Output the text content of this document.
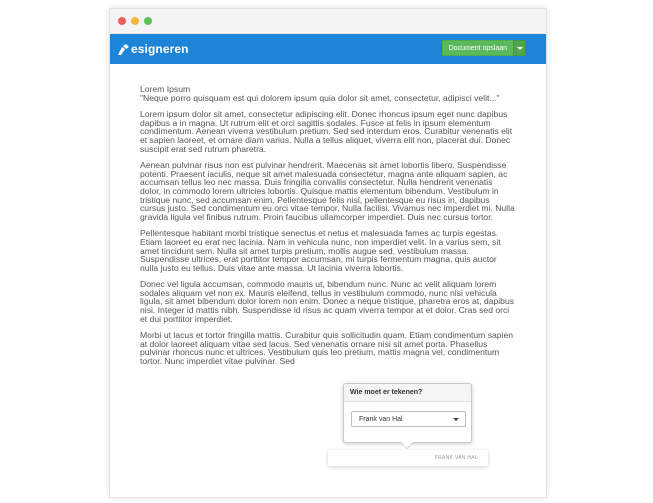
esigneren	Document opslaan

Lorem Ipsum

"Neque porro quisquam est qui dolorem ipsum quia dolor sit amet, consectetur, adipisci velit..."

Lorem ipsum dolor sit amet, consectetur adipiscing elit. Donec rhoncus ipsum eget nunc dapibus dapibus a in magna. Ut rutrum elit et orci sagittis sodales. Fusce at felis in ipsum elementum condimentum. Aenean viverra vestibulum pretium. Sed sed interdum eros. Curabitur venenatis elit et sapien laoreet, et ornare diam varius. Nulla a tellus aliquet, viverra elit non, placerat dui. Donec suscipit erat sed rutrum pharetra.

Aenean pulvinar risus non est pulvinar hendrerit. Maecenas sit amet lobortis libero. Suspendisse potenti. Praesent iaculis, neque sit amet malesuada consectetur, magna ante aliquam sapien, ac accumsan tellus leo nec massa. Duis fringilla convallis consectetur. Nulla hendrerit venenatis dolor, in commodo lorem ultricies lobortis. Quisque mattis elementum bibendum. Vestibulum in tristique nunc, sed accumsan enim. Pellentesque felis nisl, pellentesque eu risus in, dapibus cursus justo. Sed condimentum eu orci vitae tempor. Nulla facilisi. Vivamus nec imperdiet mi. Nulla gravida ligula vel finibus rutrum. Proin faucibus ullamcorper imperdiet. Duis nec cursus tortor.

Pellentesque habitant morbi tristique senectus et netus et malesuada fames ac turpis egestas. Etiam laoreet eu erat nec lacinia. Nam in vehicula nunc, non imperdiet velit. In a varius sem, sit amet tincidunt sem. Nulla sit amet turpis pretium, mollis augue sed, vestibulum massa. Suspendisse ultrices, erat porttitor tempor accumsan, mi turpis fermentum magna, quis auctor nulla justo eu tellus. Duis vitae ante massa. Ut lacinia viverra lobortis.

Donec vel ligula accumsan, commodo mauris ut, bibendum nunc. Nunc ac velit aliquam lorem sodales aliquam vel non ex. Mauris eleifend, tellus in vestibulum commodo, nunc nisi vehicula ligula, sit amet bibendum dolor lorem non enim. Donec a neque tristique, pharetra eros at, dapibus nisi. Integer id mattis nibh. Suspendisse id risus ac quam viverra tempor at et dolor. Cras sed orci et dui porttitor imperdiet.

Morbi ut lacus et tortor fringilla mattis. Curabitur quis sollicitudin quam. Etiam condimentum sapien at dolor laoreet aliquam vitae sed lacus. Sed venenatis ornare nisi sit amet porta. Phasellus pulvinar rhoncus nunc et ultrices. Vestibulum quis leo pretium, mattis magna vel, condimentum tortor. Nunc imperdiet vitae pulvinar. Sed

Wie moet er tekenen?
Frank van Hal
FRANK VAN HAL
